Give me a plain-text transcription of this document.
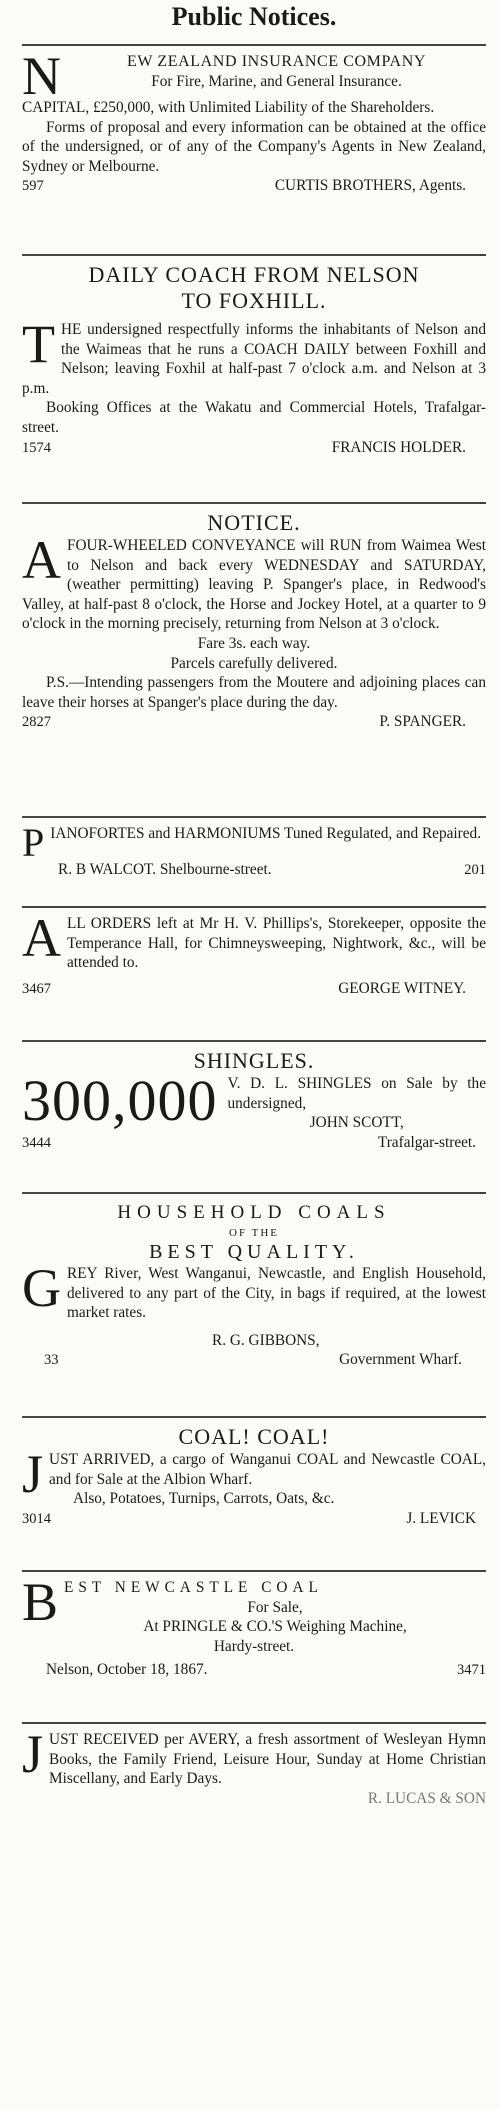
Public Notices.
N	EW ZEALAND INSURANCE COMPANY

For Fire, Marine, and General Insurance.

CAPITAL, £250,000, with Unlimited Liability of the Shareholders.

Forms of proposal and every information can be obtained at the office of the undersigned, or of any of the Company's Agents in New Zealand, Sydney or Melbourne.

597	CURTIS BROTHERS, Agents.
DAILY COACH FROM NELSON
TO FOXHILL.
T HE undersigned respectfully informs the inhabitants of Nelson and the Waimeas that he runs a COACH DAILY between Foxhill and Nelson; leaving Foxhil at half-past 7 o'clock a.m. and Nelson at 3 p.m.

Booking Offices at the Wakatu and Commercial Hotels, Trafalgar-street.

1574	FRANCIS HOLDER.
NOTICE.
A FOUR-WHEELED CONVEYANCE will RUN from Waimea West to Nelson and back every WEDNESDAY and SATURDAY, (weather permitting) leaving P. Spanger's place, in Redwood's Valley, at half-past 8 o'clock, the Horse and Jockey Hotel, at a quarter to 9 o'clock in the morning precisely, returning from Nelson at 3 o'clock.

Fare 3s. each way.

Parcels carefully delivered.

P.S.—Intending passengers from the Moutere and adjoining places can leave their horses at Spanger's place during the day.

2827	P. SPANGER.
P IANOFORTES and HARMONIUMS Tuned Regulated, and Repaired.

R. B WALCOT. Shelbourne-street.	201
A LL ORDERS left at Mr H. V. Phillips's, Storekeeper, opposite the Temperance Hall, for Chimneysweeping, Nightwork, &c., will be attended to.

3467	GEORGE WITNEY.
SHINGLES.
300,000 V. D. L. SHINGLES on Sale by the undersigned,

JOHN SCOTT,

3444	Trafalgar-street.
HOUSEHOLD COALS
OF THE
BEST QUALITY.
G REY River, West Wanganui, Newcastle, and English Household, delivered to any part of the City, in bags if required, at the lowest market rates.

R. G. GIBBONS,

33	Government Wharf.
COAL! COAL!
J UST ARRIVED, a cargo of Wanganui COAL and Newcastle COAL, and for Sale at the Albion Wharf.

Also, Potatoes, Turnips, Carrots, Oats, &c.

3014	J. LEVICK
B EST NEWCASTLE COAL

For Sale,

At PRINGLE & CO.'S Weighing Machine,

Hardy-street.

Nelson, October 18, 1867.	3471
J UST RECEIVED per AVERY, a fresh assortment of Wesleyan Hymn Books, the Family Friend, Leisure Hour, Sunday at Home Christian Miscellany, and Early Days.

R. LUCAS & SON
